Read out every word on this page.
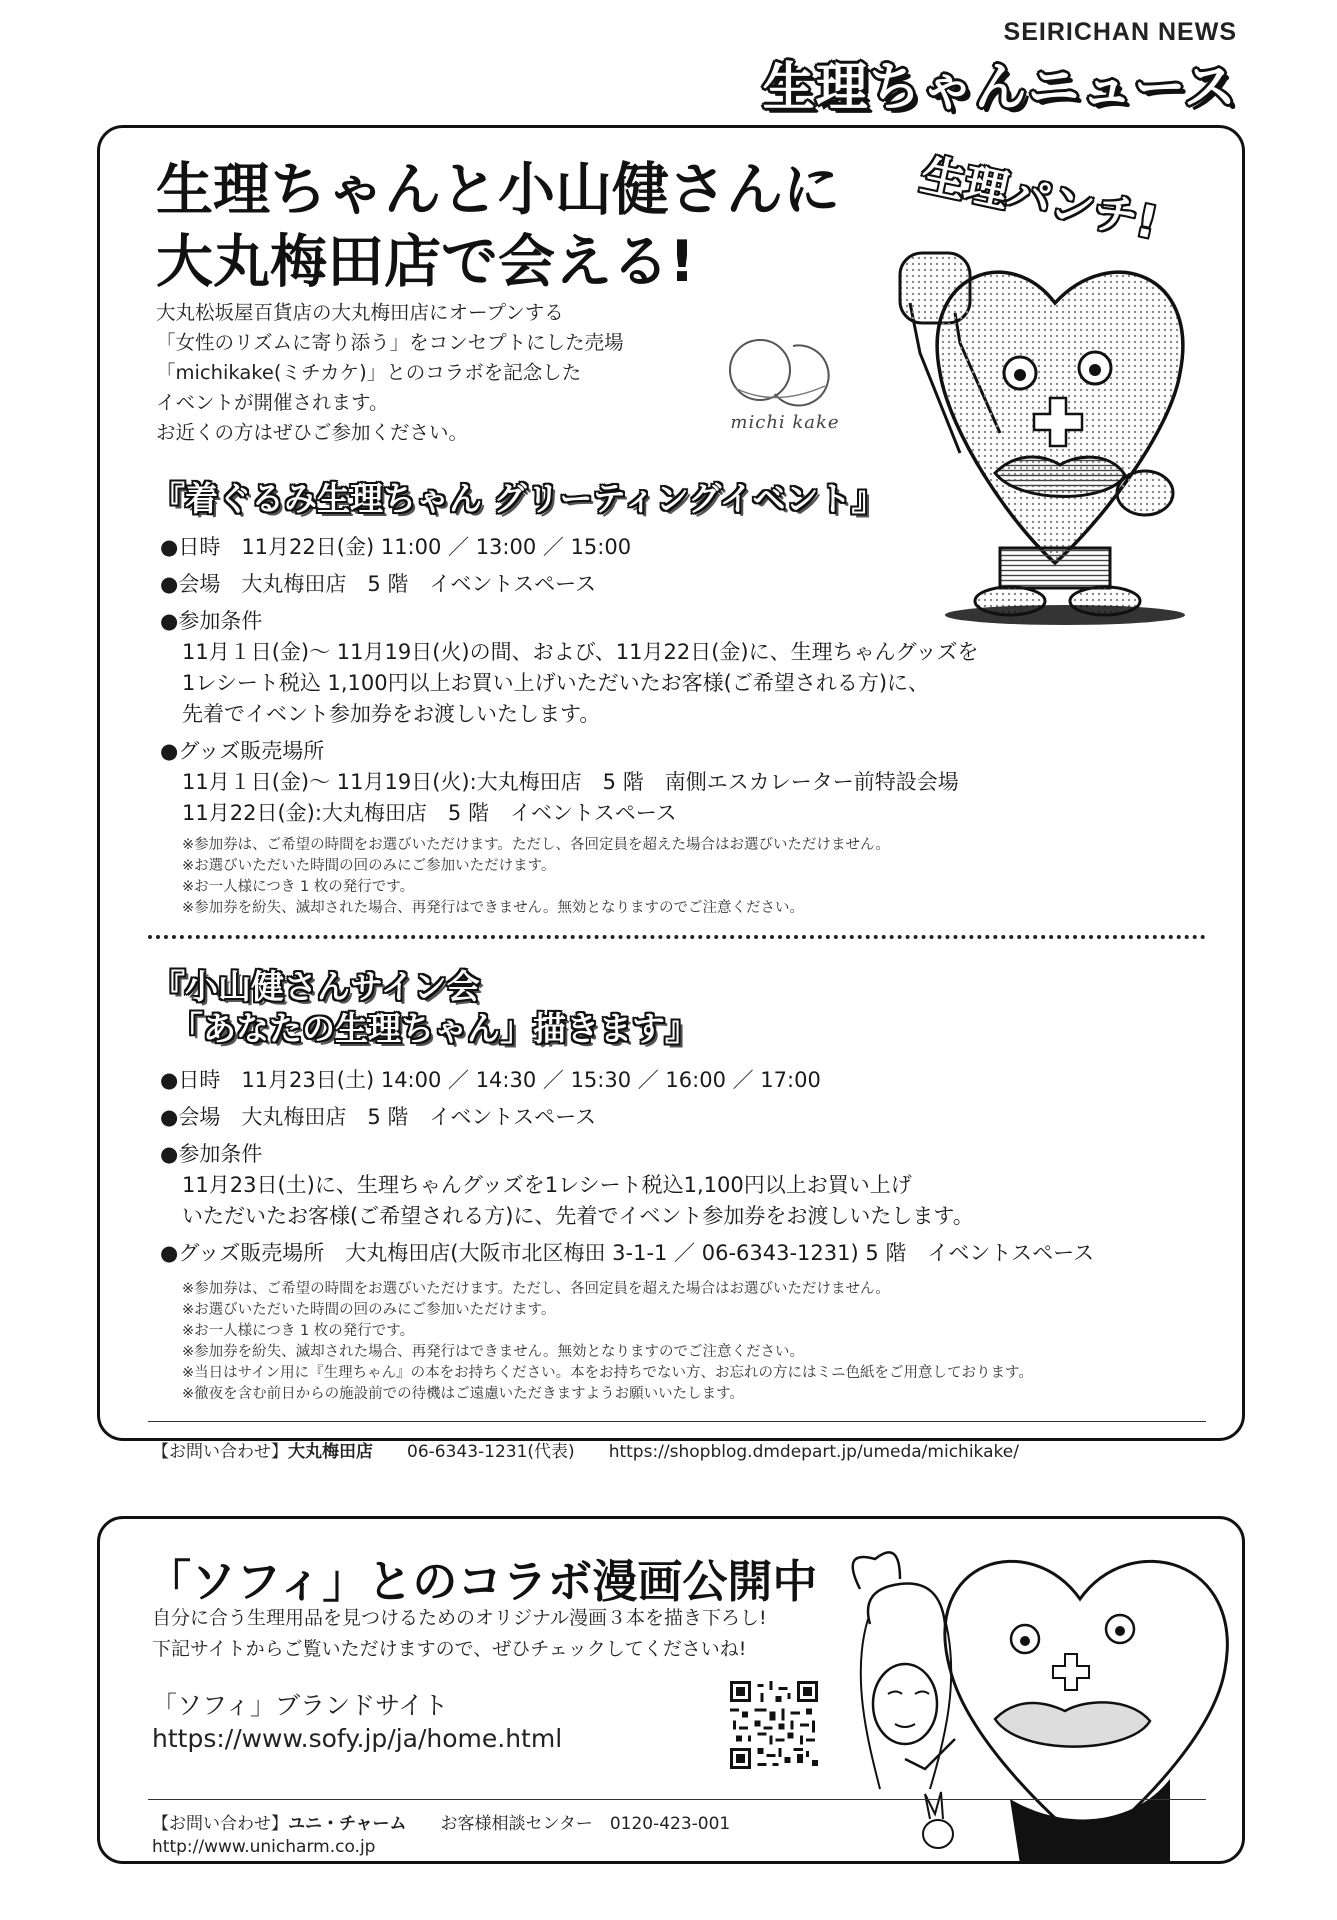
SEIRICHAN NEWS
生理ちゃんニュース
生理ちゃんと小山健さんに
大丸梅田店で会える!
大丸松坂屋百貨店の大丸梅田店にオープンする
「女性のリズムに寄り添う」をコンセプトにした売場
「michikake(ミチカケ)」とのコラボを記念した
イベントが開催されます。
お近くの方はぜひご参加ください。	michi kake
生理パンチ!
『着ぐるみ生理ちゃん グリーティングイベント』
●日時　11月22日(金) 11:00 ／ 13:00 ／ 15:00
●会場　大丸梅田店　5 階　イベントスペース
●参加条件
11月１日(金)～ 11月19日(火)の間、および、11月22日(金)に、生理ちゃんグッズを
1レシート税込 1,100円以上お買い上げいただいたお客様(ご希望される方)に、
先着でイベント参加券をお渡しいたします。
●グッズ販売場所
11月１日(金)～ 11月19日(火):大丸梅田店　5 階　南側エスカレーター前特設会場
11月22日(金):大丸梅田店　5 階　イベントスペース
※参加券は、ご希望の時間をお選びいただけます。ただし、各回定員を超えた場合はお選びいただけません。
※お選びいただいた時間の回のみにご参加いただけます。
※お一人様につき 1 枚の発行です。
※参加券を紛失、滅却された場合、再発行はできません。無効となりますのでご注意ください。
『小山健さんサイン会
「あなたの生理ちゃん」描きます』
●日時　11月23日(土) 14:00 ／ 14:30 ／ 15:30 ／ 16:00 ／ 17:00
●会場　大丸梅田店　5 階　イベントスペース
●参加条件
11月23日(土)に、生理ちゃんグッズを1レシート税込1,100円以上お買い上げ
いただいたお客様(ご希望される方)に、先着でイベント参加券をお渡しいたします。
●グッズ販売場所　大丸梅田店(大阪市北区梅田 3-1-1 ／ 06-6343-1231) 5 階　イベントスペース
※参加券は、ご希望の時間をお選びいただけます。ただし、各回定員を超えた場合はお選びいただけません。
※お選びいただいた時間の回のみにご参加いただけます。
※お一人様につき 1 枚の発行です。
※参加券を紛失、滅却された場合、再発行はできません。無効となりますのでご注意ください。
※当日はサイン用に『生理ちゃん』の本をお持ちください。本をお持ちでない方、お忘れの方にはミニ色紙をご用意しております。
※徹夜を含む前日からの施設前での待機はご遠慮いただきますようお願いいたします。
【お問い合わせ】大丸梅田店　　 06-6343-1231(代表)　　 https://shopblog.dmdepart.jp/umeda/michikake/
「ソフィ」とのコラボ漫画公開中
自分に合う生理用品を見つけるためのオリジナル漫画３本を描き下ろし!
下記サイトからご覧いただけますので、ぜひチェックしてくださいね!
「ソフィ」ブランドサイト
https://www.sofy.jp/ja/home.html
【お問い合わせ】ユニ・チャーム　　 お客様相談センター　0120-423-001
http://www.unicharm.co.jp
